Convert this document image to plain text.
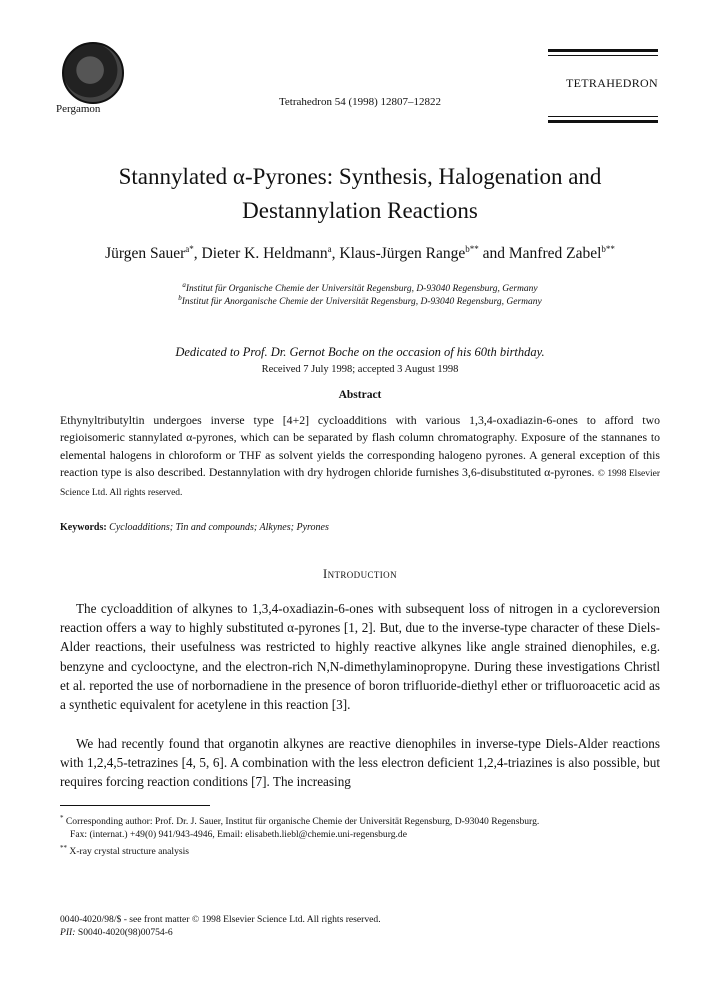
Pergamon
Tetrahedron 54 (1998) 12807–12822
TETRAHEDRON
Stannylated α-Pyrones: Synthesis, Halogenation and
Destannylation Reactions
Jürgen Sauer$^{a*}$, Dieter K. Heldmann$^a$, Klaus-Jürgen Range$^{b**}$ and Manfred Zabel$^{b**}$
$^a$Institut für Organische Chemie der Universität Regensburg, D-93040 Regensburg, Germany
$^b$Institut für Anorganische Chemie der Universität Regensburg, D-93040 Regensburg, Germany
Dedicated to Prof. Dr. Gernot Boche on the occasion of his 60th birthday.
Received 7 July 1998; accepted 3 August 1998
Abstract

Ethynyltributyltin undergoes inverse type [4+2] cycloadditions with various 1,3,4-oxadiazin-6-ones to afford two regioisomeric stannylated α-pyrones, which can be separated by flash column chromatography. Exposure of the stannanes to elemental halogens in chloroform or THF as solvent yields the corresponding halogeno pyrones. A general exception of this reaction type is also described. Destannylation with dry hydrogen chloride furnishes 3,6-disubstituted α-pyrones. © 1998 Elsevier Science Ltd. All rights reserved.

Keywords: Cycloadditions; Tin and compounds; Alkynes; Pyrones
Introduction

The cycloaddition of alkynes to 1,3,4-oxadiazin-6-ones with subsequent loss of nitrogen in a cycloreversion reaction offers a way to highly substituted α-pyrones [1, 2]. But, due to the inverse-type character of these Diels-Alder reactions, their usefulness was restricted to highly reactive alkynes like angle strained dienophiles, e.g. benzyne and cyclooctyne, and the electron-rich N,N-dimethylaminopropyne. During these investigations Christl et al. reported the use of norbornadiene in the presence of boron trifluoride-diethyl ether or trifluoroacetic acid as a synthetic equivalent for acetylene in this reaction [3].

We had recently found that organotin alkynes are reactive dienophiles in inverse-type Diels-Alder reactions with 1,2,4,5-tetrazines [4, 5, 6]. A combination with the less electron deficient 1,2,4-triazines is also possible, but requires forcing reaction conditions [7]. The increasing

* Corresponding author: Prof. Dr. J. Sauer, Institut für organische Chemie der Universität Regensburg, D-93040 Regensburg.
Fax: (internat.) +49(0) 941/943-4946, Email: elisabeth.liebl@chemie.uni-regensburg.de
** X-ray crystal structure analysis
0040-4020/98/$ - see front matter © 1998 Elsevier Science Ltd. All rights reserved.
PII: S0040-4020(98)00754-6
